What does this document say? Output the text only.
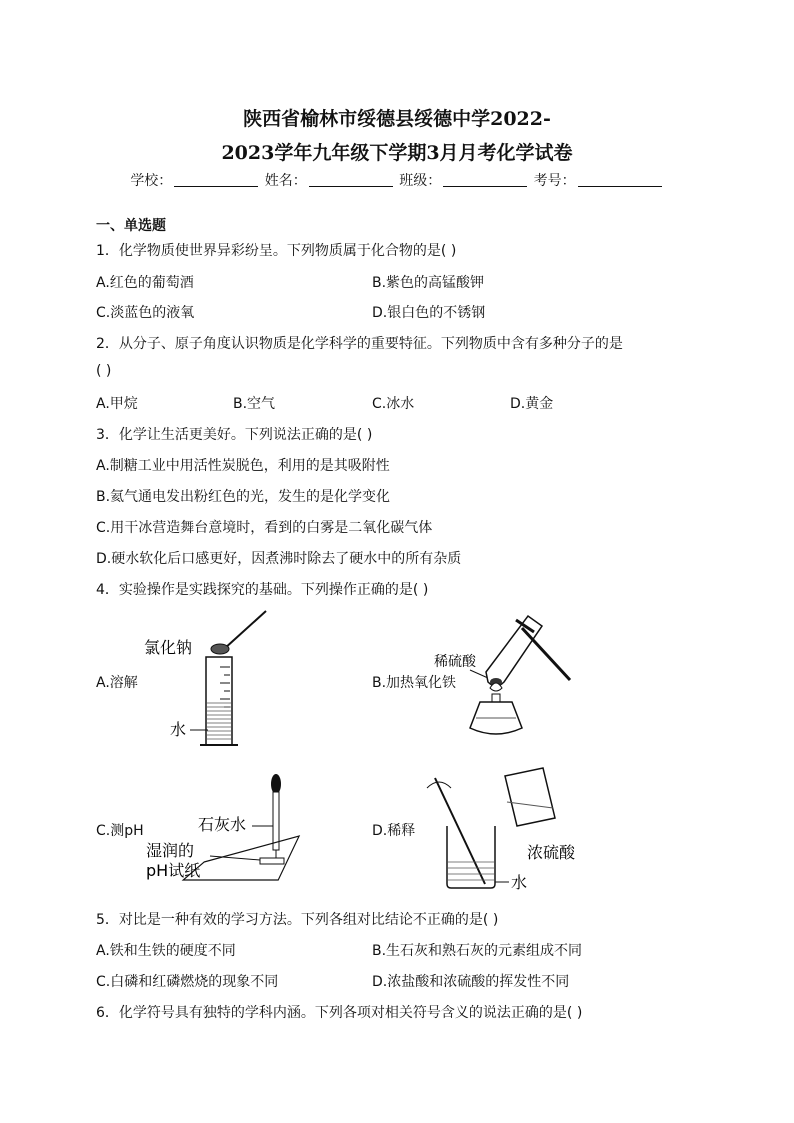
陕西省榆林市绥德县绥德中学2022-
2023学年九年级下学期3月月考化学试卷
学校：	姓名：	班级：	考号：
一、单选题
1．化学物质使世界异彩纷呈。下列物质属于化合物的是( )
A.红色的葡萄酒	B.紫色的高锰酸钾
C.淡蓝色的液氧	D.银白色的不锈钢
2．从分子、原子角度认识物质是化学科学的重要特征。下列物质中含有多种分子的是
( )
A.甲烷	B.空气	C.冰水	D.黄金
3．化学让生活更美好。下列说法正确的是( )
A.制糖工业中用活性炭脱色，利用的是其吸附性
B.氦气通电发出粉红色的光，发生的是化学变化
C.用干冰营造舞台意境时，看到的白雾是二氧化碳气体
D.硬水软化后口感更好，因煮沸时除去了硬水中的所有杂质
4．实验操作是实践探究的基础。下列操作正确的是( )
A.溶解	B.加热氧化铁
C.测pH	D.稀释
氯化钠
水
稀硫酸
石灰水
湿润的
pH试纸
浓硫酸
水
5．对比是一种有效的学习方法。下列各组对比结论不正确的是( )
A.铁和生铁的硬度不同	B.生石灰和熟石灰的元素组成不同
C.白磷和红磷燃烧的现象不同	D.浓盐酸和浓硫酸的挥发性不同
6．化学符号具有独特的学科内涵。下列各项对相关符号含义的说法正确的是( )
